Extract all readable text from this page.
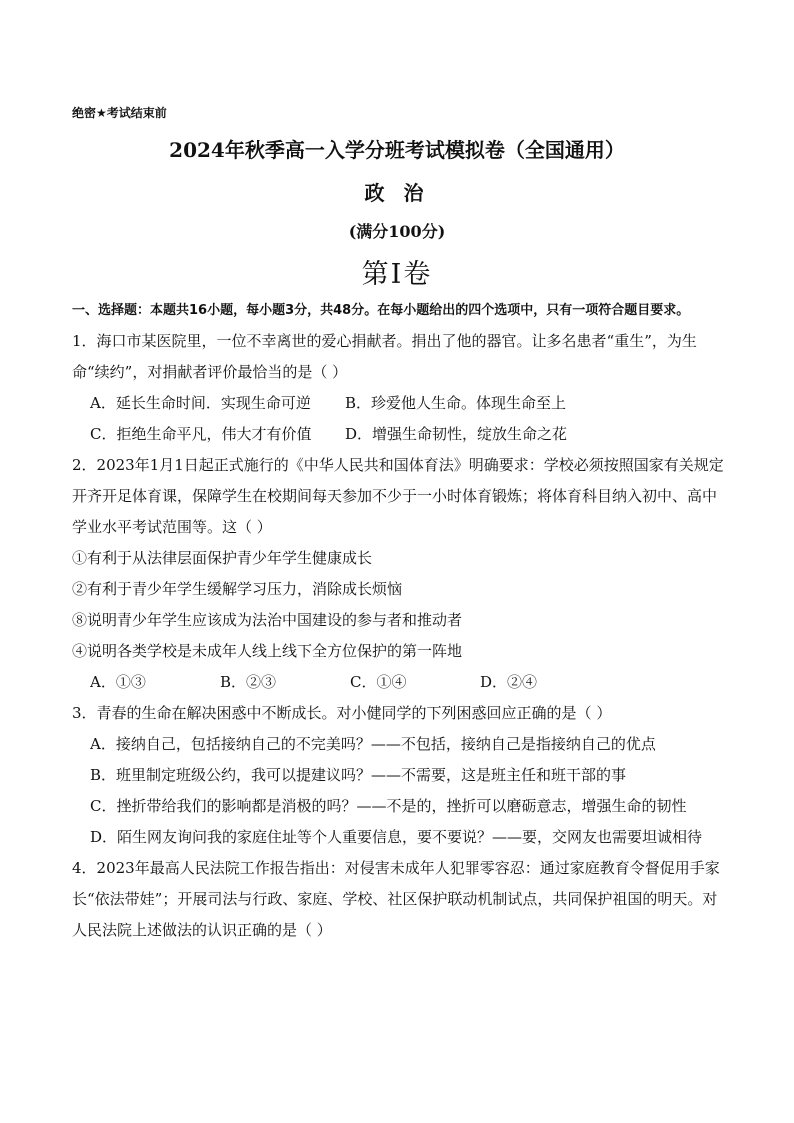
绝密★考试结束前
2024年秋季高一入学分班考试模拟卷（全国通用）
政 治
(满分100分)
第Ⅰ卷

一、选择题：本题共16小题，每小题3分，共48分。在每小题给出的四个选项中，只有一项符合题目要求。

1．海口市某医院里，一位不幸离世的爱心捐献者。捐出了他的器官。让多名患者“重生”，为生命“续约”，对捐献者评价最恰当的是（ ）

A．延长生命时间．实现生命可逆	B．珍爱他人生命。体现生命至上
C．拒绝生命平凡，伟大才有价值	D．增强生命韧性，绽放生命之花

2．2023年1月1日起正式施行的《中华人民共和国体育法》明确要求：学校必须按照国家有关规定开齐开足体育课，保障学生在校期间每天参加不少于一小时体育锻炼；将体育科目纳入初中、高中学业水平考试范围等。这（ ）

①有利于从法律层面保护青少年学生健康成长

②有利于青少年学生缓解学习压力，消除成长烦恼

⑧说明青少年学生应该成为法治中国建设的参与者和推动者

④说明各类学校是未成年人线上线下全方位保护的第一阵地

A．①③	B．②③	C．①④	D．②④

3．青春的生命在解决困惑中不断成长。对小健同学的下列困惑回应正确的是（ ）

A．接纳自己，包括接纳自己的不完美吗？——不包括，接纳自己是指接纳自己的优点

B．班里制定班级公约，我可以提建议吗？——不需要，这是班主任和班干部的事

C．挫折带给我们的影响都是消极的吗？——不是的，挫折可以磨砺意志，增强生命的韧性

D．陌生网友询问我的家庭住址等个人重要信息，要不要说？——要，交网友也需要坦诚相待

4．2023年最高人民法院工作报告指出：对侵害未成年人犯罪零容忍：通过家庭教育令督促用手家长“依法带娃”；开展司法与行政、家庭、学校、社区保护联动机制试点，共同保护祖国的明天。对人民法院上述做法的认识正确的是（ ）
